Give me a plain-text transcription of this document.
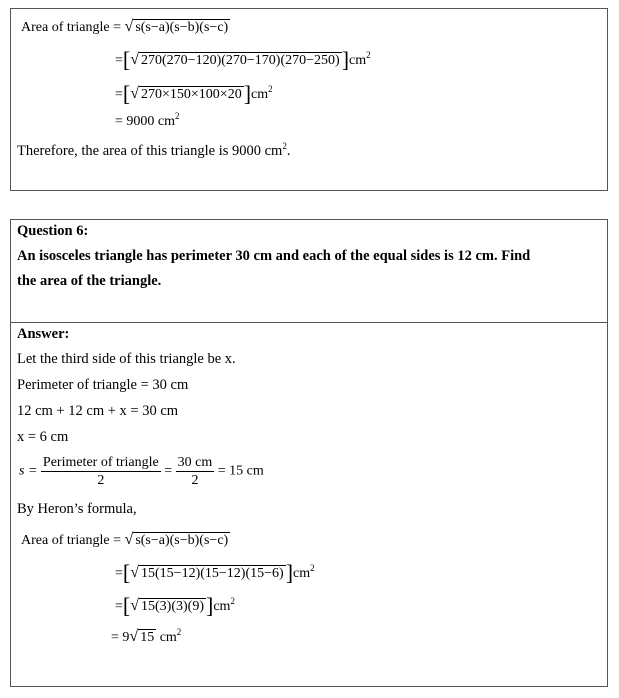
Area of triangle = √ s(s−a)(s−b)(s−c)
=[√ $270(270-120)(270-170)(270-250)]cm^2$
=[√ $270\times 150\times 100\times 20]cm^2$
= 9000 $cm^2$
Therefore, the area of this triangle is 9000 $cm^2$.
Question 6:
An isosceles triangle has perimeter 30 cm and each of the equal sides is 12 cm. Find
the area of the triangle.
Answer:
Let the third side of this triangle be x.
Perimeter of triangle = 30 cm
12 cm + 12 cm + x = 30 cm
x = 6 cm
$s = \frac{\text{Perimeter of triangle}}{2} = \frac{30 cm}{2} = 15$ cm
By Heron’s formula,
Area of triangle = √ s(s−a)(s−b)(s−c)
=[√ $15(15-12)(15-12)(15-6)]cm^2$
=[√ $15(3)(3)(9)]cm^2$
= 9√ 15 $cm^2$
